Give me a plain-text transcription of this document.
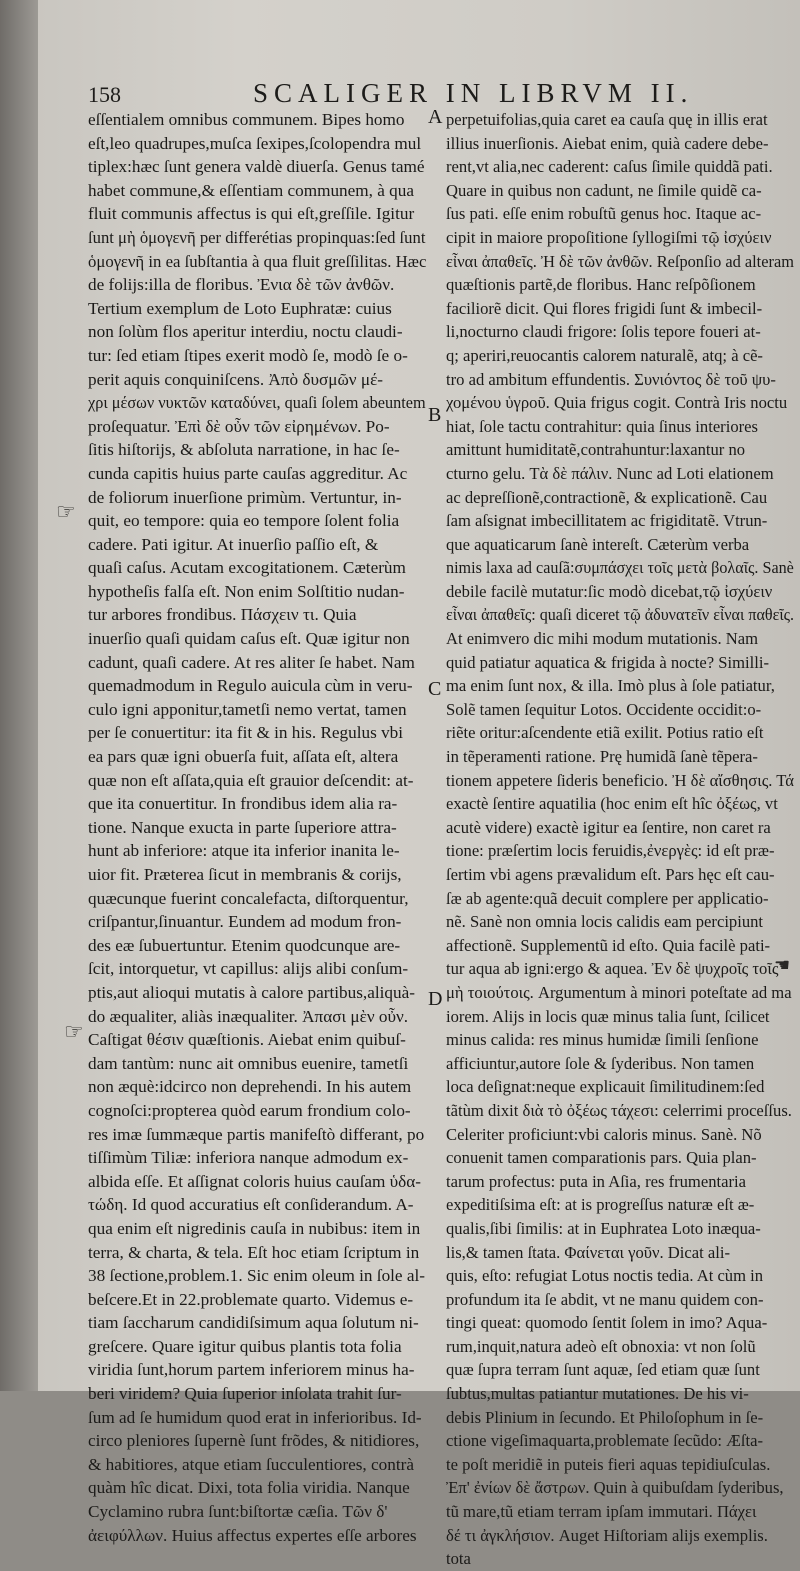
158	SCALIGER IN LIBRVM II.
eſſentialem omnibus communem. Bipes homo
eſt,leo quadrupes,muſca ſexipes,ſcolopendra mul
tiplex:hæc ſunt genera valdè diuerſa. Genus tamé
habet commune,& eſſentiam communem, à qua
fluit communis affectus is qui eſt,greſſile. Igitur
ſunt μὴ ὁμογενῆ per differétias propinquas:ſed ſunt
ὁμογενῆ in ea ſubſtantia à qua fluit greſſilitas. Hæc
de folijs:illa de floribus. Ἐνια δὲ τῶν ἀνθῶν.
Tertium exemplum de Loto Euphratæ: cuius
non ſolùm flos aperitur interdiu, noctu claudi-
tur: ſed etiam ſtipes exerit modò ſe, modò ſe o-
perit aquis conquiniſcens. Ἀπὸ δυσμῶν μέ-
χρι μέσων νυκτῶν καταδύνει, quaſi ſolem abeuntem
proſequatur. Ἐπὶ δὲ οὖν τῶν εἰρημένων. Po-
ſitis hiſtorijs, & abſoluta narratione, in hac ſe-
cunda capitis huius parte cauſas aggreditur. Ac
de foliorum inuerſione primùm. Vertuntur, in-
quit, eo tempore: quia eo tempore ſolent folia
cadere. Pati igitur. At inuerſio paſſio eſt, &
quaſi caſus. Acutam excogitationem. Cæterùm
hypotheſis falſa eſt. Non enim Solſtitio nudan-
tur arbores frondibus. Πάσχειν τι. Quia
inuerſio quaſi quidam caſus eſt. Quæ igitur non
cadunt, quaſi cadere. At res aliter ſe habet. Nam
quemadmodum in Regulo auicula cùm in veru-
culo igni apponitur,tametſi nemo vertat, tamen
per ſe conuertitur: ita fit & in his. Regulus vbi
ea pars quæ igni obuerſa fuit, aſſata eſt, altera
quæ non eſt aſſata,quia eſt grauior deſcendit: at-
que ita conuertitur. In frondibus idem alia ra-
tione. Nanque exucta in parte ſuperiore attra-
hunt ab inferiore: atque ita inferior inanita le-
uior fit. Præterea ſicut in membranis & corijs,
quæcunque fuerint concalefacta, diſtorquentur,
criſpantur,ſinuantur. Eundem ad modum fron-
des eæ ſubuertuntur. Etenim quodcunque are-
ſcit, intorquetur, vt capillus: alijs alibi conſum-
ptis,aut alioqui mutatis à calore partibus,aliquà-
do æqualiter, aliàs inæqualiter. Ἀπασι μὲν οὖν.
Caſtigat θέσιν quæſtionis. Aiebat enim quibuſ-
dam tantùm: nunc ait omnibus euenire, tametſi
non æquè:idcirco non deprehendi. In his autem
cognoſci:propterea quòd earum frondium colo-
res imæ ſummæque partis manifeſtò differant, po
tiſſimùm Tiliæ: inferiora nanque admodum ex-
albida eſſe. Et aſſignat coloris huius cauſam ὑδα-
τώδη. Id quod accuratius eſt conſiderandum. A-
qua enim eſt nigredinis cauſa in nubibus: item in
terra, & charta, & tela. Eſt hoc etiam ſcriptum in
38 ſectione,problem.1. Sic enim oleum in ſole al-
beſcere.Et in 22.problemate quarto. Videmus e-
tiam ſaccharum candidiſsimum aqua ſolutum ni-
greſcere. Quare igitur quibus plantis tota folia
viridia ſunt,horum partem inferiorem minus ha-
beri viridem? Quia ſuperior inſolata trahit ſur-
ſum ad ſe humidum quod erat in inferioribus. Id-
circo pleniores ſupernè ſunt frõdes, & nitidiores,
& habitiores, atque etiam ſucculentiores, contrà
quàm hîc dicat. Dixi, tota folia viridia. Nanque
Cyclamino rubra ſunt:biſtortæ cæſia. Τῶν δ'
ἀειφύλλων. Huius affectus expertes eſſe arbores
perpetuifolias,quia caret ea cauſa quę in illis erat
illius inuerſionis. Aiebat enim, quià cadere debe-
rent,vt alia,nec caderent: caſus ſimile quiddã pati.
Quare in quibus non cadunt, ne ſimile quidẽ ca-
ſus pati. eſſe enim robuſtũ genus hoc. Itaque ac-
cipit in maiore propoſitione ſyllogiſmi τῷ ἰσχύειν
εἶναι ἀπαθεῖς. Ἠ δὲ τῶν ἀνθῶν. Reſponſio ad alteram
quæſtionis partẽ,de floribus. Hanc reſpõſionem
faciliorẽ dicit. Qui flores frigidi ſunt & imbecil-
li,nocturno claudi frigore: ſolis tepore foueri at-
q; aperiri,reuocantis calorem naturalẽ, atq; à cẽ-
tro ad ambitum effundentis. Συνιόντος δὲ τοῦ ψυ-
χομένου ὑγροῦ. Quia frigus cogit. Contrà Iris noctu
hiat, ſole tactu contrahitur: quia ſinus interiores
amittunt humiditatẽ,contrahuntur:laxantur no
cturno gelu. Τὰ δὲ πάλιν. Nunc ad Loti elationem
ac depreſſionẽ,contractionẽ, & explicationẽ. Cau
ſam aſsignat imbecillitatem ac frigiditatẽ. Vtrun-
que aquaticarum ſanè intereſt. Cæterùm verba
nimis laxa ad cauſã:συμπάσχει τοῖς μετὰ βολαῖς. Sanè
debile facilè mutatur:ſic modò dicebat,τῷ ἰσχύειν
εἶναι ἀπαθεῖς: quaſi diceret τῷ ἀδυνατεῖν εἶναι παθεῖς.
At enimvero dic mihi modum mutationis. Nam
quid patiatur aquatica & frigida à nocte? Similli-
ma enim ſunt nox, & illa. Imò plus à ſole patiatur,
Solẽ tamen ſequitur Lotos. Occidente occidit:o-
riẽte oritur:aſcendente etiã exilit. Potius ratio eſt
in tẽperamenti ratione. Prę humidã ſanè tẽpera-
tionem appetere ſideris beneficio. Ἠ δὲ αἴσθησις. Τά
exactè ſentire aquatilia (hoc enim eſt hîc ὀξέως, vt
acutè videre) exactè igitur ea ſentire, non caret ra
tione: præſertim locis feruidis,ἐνεργὲς: id eſt præ-
ſertim vbi agens prævalidum eſt. Pars hęc eſt cau-
ſæ ab agente:quã decuit complere per applicatio-
nẽ. Sanè non omnia locis calidis eam percipiunt
affectionẽ. Supplementũ id eſto. Quia facilè pati-
tur aqua ab igni:ergo & aquea. Ἐν δὲ ψυχροῖς τοῖς
μὴ τοιούτοις. Argumentum à minori poteſtate ad ma
iorem. Alijs in locis quæ minus talia ſunt, ſcilicet
minus calida: res minus humidæ ſimili ſenſione
afficiuntur,autore ſole & ſyderibus. Non tamen
loca deſignat:neque explicauit ſimilitudinem:ſed
tãtùm dixit διὰ τὸ ὀξέως τάχεσι: celerrimi proceſſus.
Celeriter proficiunt:vbi caloris minus. Sanè. Nõ
conuenit tamen comparationis pars. Quia plan-
tarum profectus: puta in Aſia, res frumentaria
expeditiſsima eſt: at is progreſſus naturæ eſt æ-
qualis,ſibi ſimilis: at in Euphratea Loto inæqua-
lis,& tamen ſtata. Φαίνεται γοῦν. Dicat ali-
quis, eſto: refugiat Lotus noctis tedia. At cùm in
profundum ita ſe abdit, vt ne manu quidem con-
tingi queat: quomodo ſentit ſolem in imo? Aqua-
rum,inquit,natura adeò eſt obnoxia: vt non ſolũ
quæ ſupra terram ſunt aquæ, ſed etiam quæ ſunt
ſubtus,multas patiantur mutationes. De his vi-
debis Plinium in ſecundo. Et Philoſophum in ſe-
ctione vigeſimaquarta,problemate ſecũdo: Æſta-
te poſt meridiẽ in puteis fieri aquas tepidiuſculas.
Ἐπ' ἐνίων δὲ ἄστρων. Quin à quibuſdam ſyderibus,
tũ mare,tũ etiam terram ipſam immutari. Πάχει
δέ τι ἀγκλήσιον. Auget Hiſtoriam alijs exemplis.
tota
A
B
C
D
☞
☞
☚
